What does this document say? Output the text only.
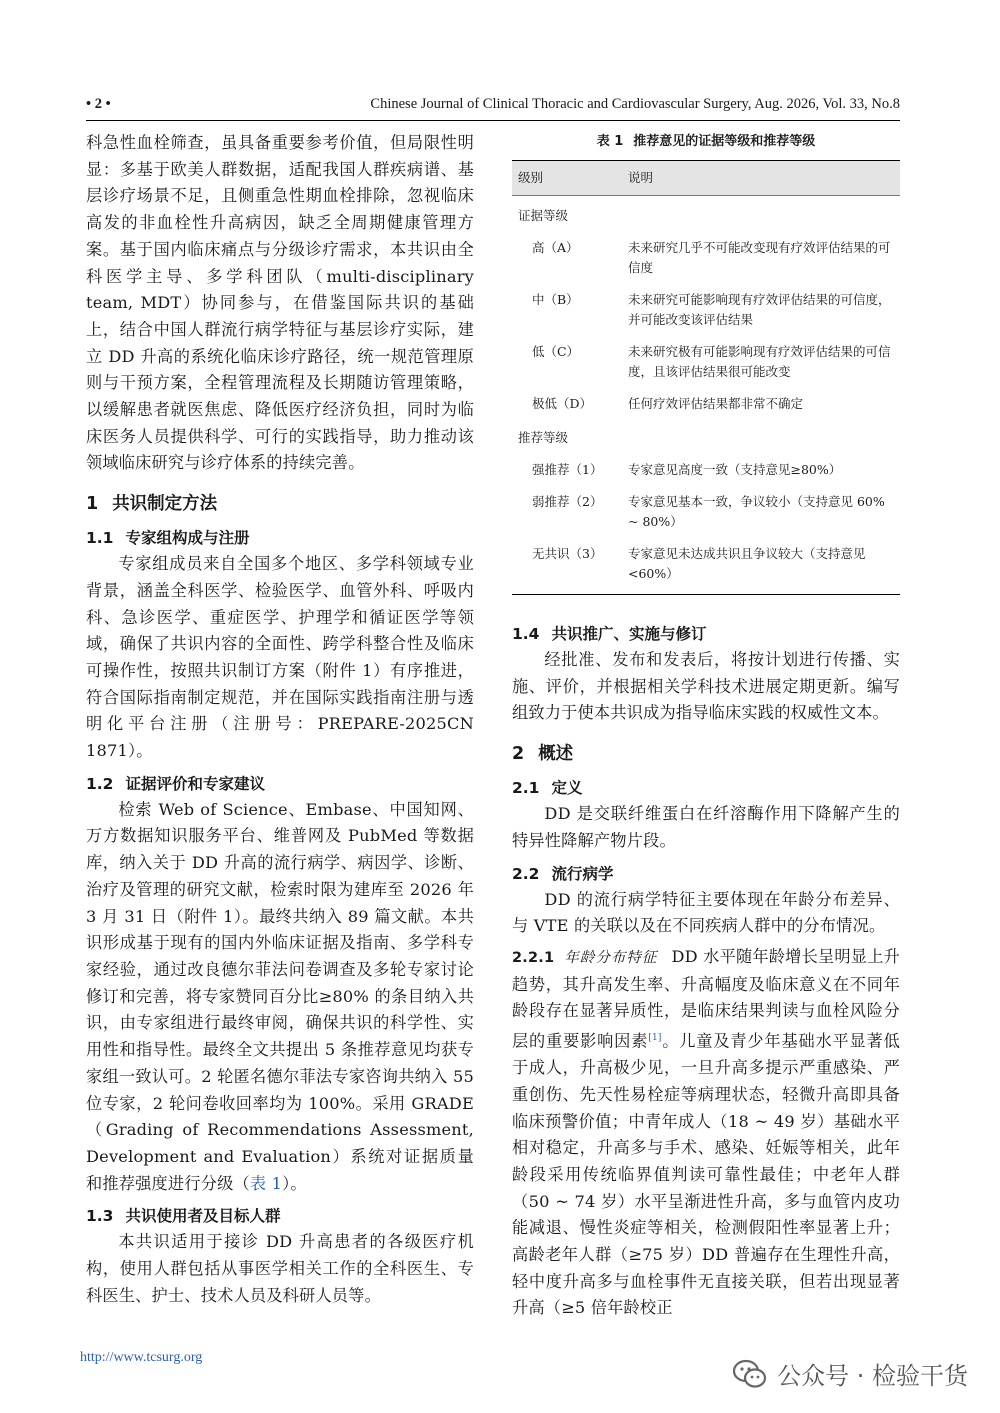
• 2 •	Chinese Journal of Clinical Thoracic and Cardiovascular Surgery, Aug. 2026, Vol. 33, No.8

科急性血栓筛查，虽具备重要参考价值，但局限性明显：多基于欧美人群数据，适配我国人群疾病谱、基层诊疗场景不足，且侧重急性期血栓排除，忽视临床高发的非血栓性升高病因，缺乏全周期健康管理方案。基于国内临床痛点与分级诊疗需求，本共识由全科医学主导、多学科团队（multi-disciplinary team, MDT）协同参与，在借鉴国际共识的基础上，结合中国人群流行病学特征与基层诊疗实际，建立 DD 升高的系统化临床诊疗路径，统一规范管理原则与干预方案，全程管理流程及长期随访管理策略，以缓解患者就医焦虑、降低医疗经济负担，同时为临床医务人员提供科学、可行的实践指导，助力推动该领域临床研究与诊疗体系的持续完善。

1 共识制定方法
1.1 专家组构成与注册

专家组成员来自全国多个地区、多学科领域专业背景，涵盖全科医学、检验医学、血管外科、呼吸内科、急诊医学、重症医学、护理学和循证医学等领域，确保了共识内容的全面性、跨学科整合性及临床可操作性，按照共识制订方案（附件 1）有序推进，符合国际指南制定规范，并在国际实践指南注册与透明化平台注册（注册号：PREPARE-2025CN 1871）。

1.2 证据评价和专家建议

检索 Web of Science、Embase、中国知网、万方数据知识服务平台、维普网及 PubMed 等数据库，纳入关于 DD 升高的流行病学、病因学、诊断、治疗及管理的研究文献，检索时限为建库至 2026 年 3 月 31 日（附件 1）。最终共纳入 89 篇文献。本共识形成基于现有的国内外临床证据及指南、多学科专家经验，通过改良德尔菲法问卷调查及多轮专家讨论修订和完善，将专家赞同百分比≥80% 的条目纳入共识，由专家组进行最终审阅，确保共识的科学性、实用性和指导性。最终全文共提出 5 条推荐意见均获专家组一致认可。2 轮匿名德尔菲法专家咨询共纳入 55 位专家，2 轮问卷收回率均为 100%。采用 GRADE（Grading of Recommendations Assessment, Development and Evaluation）系统对证据质量和推荐强度进行分级（表 1）。

1.3 共识使用者及目标人群

本共识适用于接诊 DD 升高患者的各级医疗机构，使用人群包括从事医学相关工作的全科医生、专科医生、护士、技术人员及科研人员等。

表 1 推荐意见的证据等级和推荐等级
级别	说明
证据等级	
高（A）	未来研究几乎不可能改变现有疗效评估结果的可信度
中（B）	未来研究可能影响现有疗效评估结果的可信度，并可能改变该评估结果
低（C）	未来研究极有可能影响现有疗效评估结果的可信度，且该评估结果很可能改变
极低（D）	任何疗效评估结果都非常不确定
推荐等级	
强推荐（1）	专家意见高度一致（支持意见≥80%）
弱推荐（2）	专家意见基本一致，争议较小（支持意见 60% ~ 80%）
无共识（3）	专家意见未达成共识且争议较大（支持意见<60%）
1.4 共识推广、实施与修订

经批准、发布和发表后，将按计划进行传播、实施、评价，并根据相关学科技术进展定期更新。编写组致力于使本共识成为指导临床实践的权威性文本。

2 概述
2.1 定义

DD 是交联纤维蛋白在纤溶酶作用下降解产生的特异性降解产物片段。

2.2 流行病学

DD 的流行病学特征主要体现在年龄分布差异、与 VTE 的关联以及在不同疾病人群中的分布情况。

2.2.1 年龄分布特征 DD 水平随年龄增长呈明显上升趋势，其升高发生率、升高幅度及临床意义在不同年龄段存在显著异质性，是临床结果判读与血栓风险分层的重要影响因素[1]。儿童及青少年基础水平显著低于成人，升高极少见，一旦升高多提示严重感染、严重创伤、先天性易栓症等病理状态，轻微升高即具备临床预警价值；中青年成人（18 ~ 49 岁）基础水平相对稳定，升高多与手术、感染、妊娠等相关，此年龄段采用传统临界值判读可靠性最佳；中老年人群（50 ~ 74 岁）水平呈渐进性升高，多与血管内皮功能减退、慢性炎症等相关，检测假阳性率显著上升；高龄老年人群（≥75 岁）DD 普遍存在生理性升高，轻中度升高多与血栓事件无直接关联，但若出现显著升高（≥5 倍年龄校正

http://www.tcsurg.org
公众号 · 检验干货
